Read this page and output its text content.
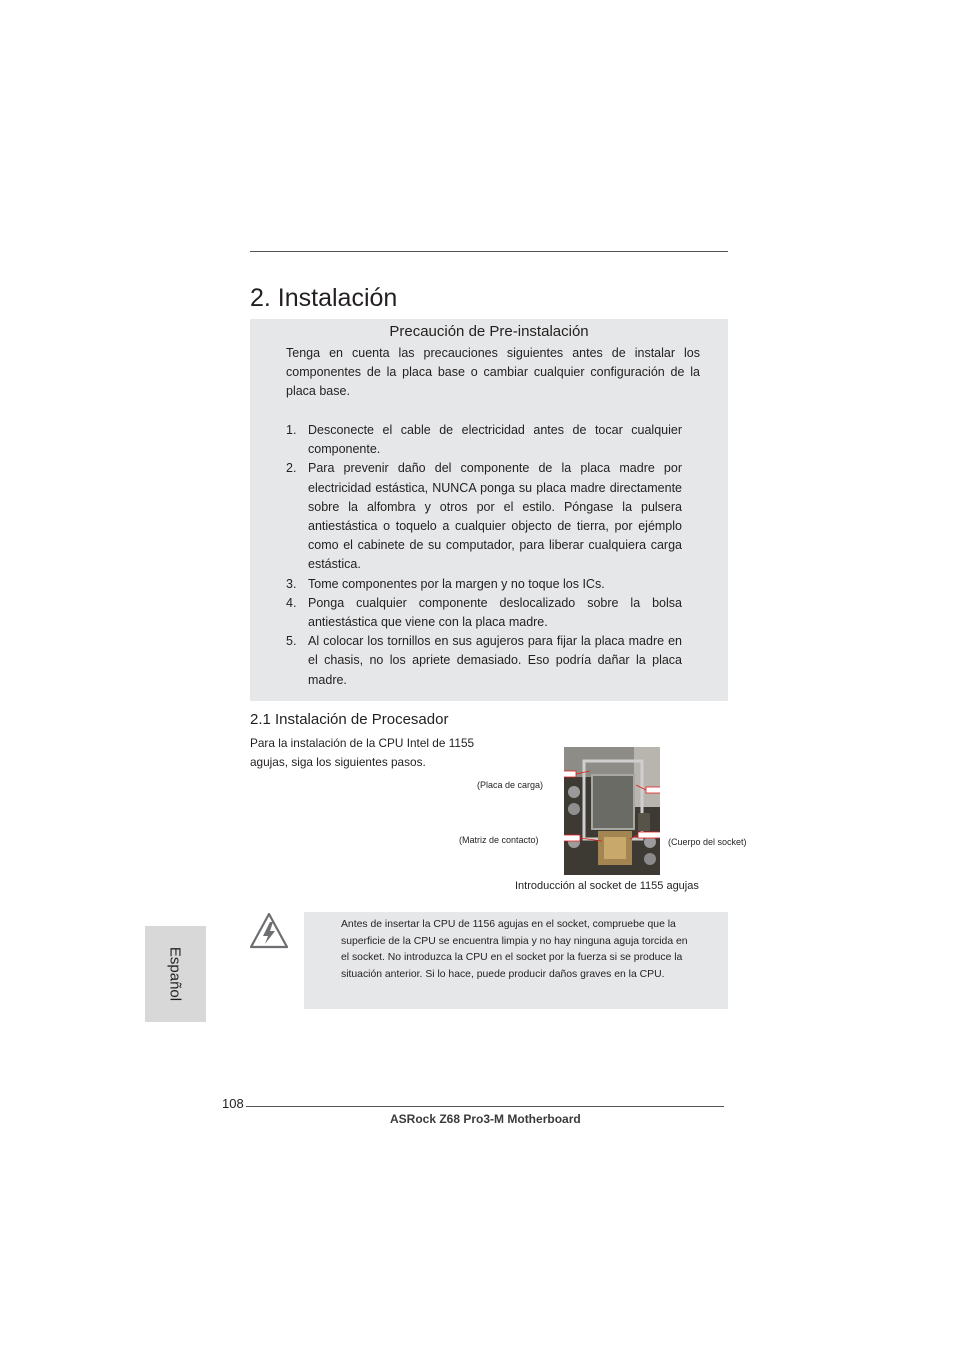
2. Instalación
Precaución de Pre-instalación
Tenga en cuenta las precauciones siguientes antes de instalar los componentes de la placa base o cambiar cualquier configuración de la placa base.
1. Desconecte el cable de electricidad antes de tocar cualquier componente.
2. Para prevenir daño del componente de la placa madre por electricidad estástica, NUNCA ponga su placa madre directamente sobre la alfombra y otros por el estilo. Póngase la pulsera antiestástica o toquelo a cualquier objecto de tierra, por ejémplo como el cabinete de su computador, para liberar cualquiera carga estástica.
3. Tome componentes por la margen y no toque los ICs.
4. Ponga cualquier componente deslocalizado sobre la bolsa antiestástica que viene con la placa madre.
5. Al colocar los tornillos en sus agujeros para fijar la placa madre en el chasis, no los apriete demasiado. Eso podría dañar la placa madre.
2.1 Instalación de Procesador
Para la instalación de la CPU Intel de 1155 agujas, siga los siguientes pasos.
(Placa de carga)
(Matriz de contacto)	(Cuerpo del socket)
Introducción al socket de 1155 agujas
Antes de insertar la CPU de 1156 agujas en el socket, compruebe que la superficie de la CPU se encuentra limpia y no hay ninguna aguja torcida en el socket. No introduzca la CPU en el socket por la fuerza si se produce la situación anterior. Si lo hace, puede producir daños graves en la CPU.
Español
108
ASRock Z68 Pro3-M Motherboard
